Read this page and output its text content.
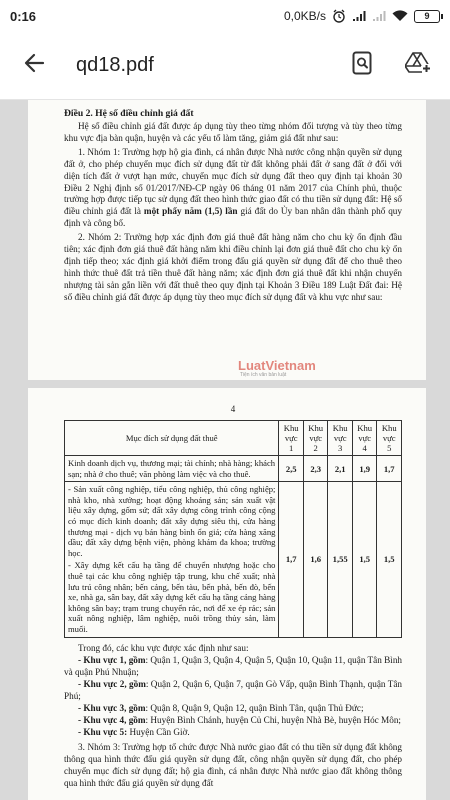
0:16	0,0KB/s	9
qd18.pdf
Điều 2. Hệ số điều chỉnh giá đất

Hệ số điều chỉnh giá đất được áp dụng tùy theo từng nhóm đối tượng và tùy theo từng khu vực địa bàn quận, huyện và các yếu tố làm tăng, giảm giá đất như sau:

1. Nhóm 1: Trường hợp hộ gia đình, cá nhân được Nhà nước công nhận quyền sử dụng đất ở, cho phép chuyển mục đích sử dụng đất từ đất không phải đất ở sang đất ở đối với diện tích đất ở vượt hạn mức, chuyển mục đích sử dụng đất theo quy định tại khoản 30 Điều 2 Nghị định số 01/2017/NĐ-CP ngày 06 tháng 01 năm 2017 của Chính phủ, thuộc trường hợp được tiếp tục sử dụng đất theo hình thức giao đất có thu tiền sử dụng đất: Hệ số điều chỉnh giá đất là một phẩy năm (1,5) lần giá đất do Ủy ban nhân dân thành phố quy định và công bố.

2. Nhóm 2: Trường hợp xác định đơn giá thuê đất hàng năm cho chu kỳ ổn định đầu tiên; xác định đơn giá thuê đất hàng năm khi điều chỉnh lại đơn giá thuê đất cho chu kỳ ổn định tiếp theo; xác định giá khởi điểm trong đấu giá quyền sử dụng đất để cho thuê theo hình thức thuê đất trả tiền thuê đất hàng năm; xác định đơn giá thuê đất khi nhận chuyển nhượng tài sản gắn liền với đất thuê theo quy định tại Khoản 3 Điều 189 Luật Đất đai: Hệ số điều chỉnh giá đất được áp dụng tùy theo mục đích sử dụng đất và khu vực như sau:

LuatVietnam
Tiện ích văn bản luật
4
Mục đích sử dụng đất thuê	Khu vực 1	Khu vực 2	Khu vực 3	Khu vực 4	Khu vực 5
Kinh doanh dịch vụ, thương mại; tài chính; nhà hàng; khách sạn; nhà ở cho thuê; văn phòng làm việc và cho thuê.	2,5	2,3	2,1	1,9	1,7

- Sản xuất công nghiệp, tiểu công nghiệp, thủ công nghiệp; nhà kho, nhà xưởng; hoạt động khoáng sản; sản xuất vật liệu xây dựng, gốm sứ; đất xây dựng công trình công cộng có mục đích kinh doanh; đất xây dựng siêu thị, cửa hàng thương mại - dịch vụ bán hàng bình ổn giá; cửa hàng xăng dầu; đất xây dựng bệnh viện, phòng khám đa khoa; trường học.
- Xây dựng kết cấu hạ tầng để chuyển nhượng hoặc cho thuê tại các khu công nghiệp tập trung, khu chế xuất; nhà lưu trú công nhân; bến cảng, bến tàu, bến phà, bến đò, bến xe, nhà ga, sân bay, đất xây dựng kết cấu hạ tầng cảng hàng không sân bay; trạm trung chuyển rác, nơi để xe ép rác; sản xuất nông nghiệp, lâm nghiệp, nuôi trồng thủy sản, làm muối.	1,7	1,6	1,55	1,5	1,5

Trong đó, các khu vực được xác định như sau:

- Khu vực 1, gồm: Quận 1, Quận 3, Quận 4, Quận 5, Quận 10, Quận 11, quận Tân Bình và quận Phú Nhuận;

- Khu vực 2, gồm: Quận 2, Quận 6, Quận 7, quận Gò Vấp, quận Bình Thạnh, quận Tân Phú;

- Khu vực 3, gồm: Quận 8, Quận 9, Quận 12, quận Bình Tân, quận Thủ Đức;

- Khu vực 4, gồm: Huyện Bình Chánh, huyện Củ Chi, huyện Nhà Bè, huyện Hóc Môn;

- Khu vực 5: Huyện Cần Giờ.

3. Nhóm 3: Trường hợp tổ chức được Nhà nước giao đất có thu tiền sử dụng đất không thông qua hình thức đấu giá quyền sử dụng đất, công nhận quyền sử dụng đất, cho phép chuyển mục đích sử dụng đất; hộ gia đình, cá nhân được Nhà nước giao đất không thông qua hình thức đấu giá quyền sử dụng đất
